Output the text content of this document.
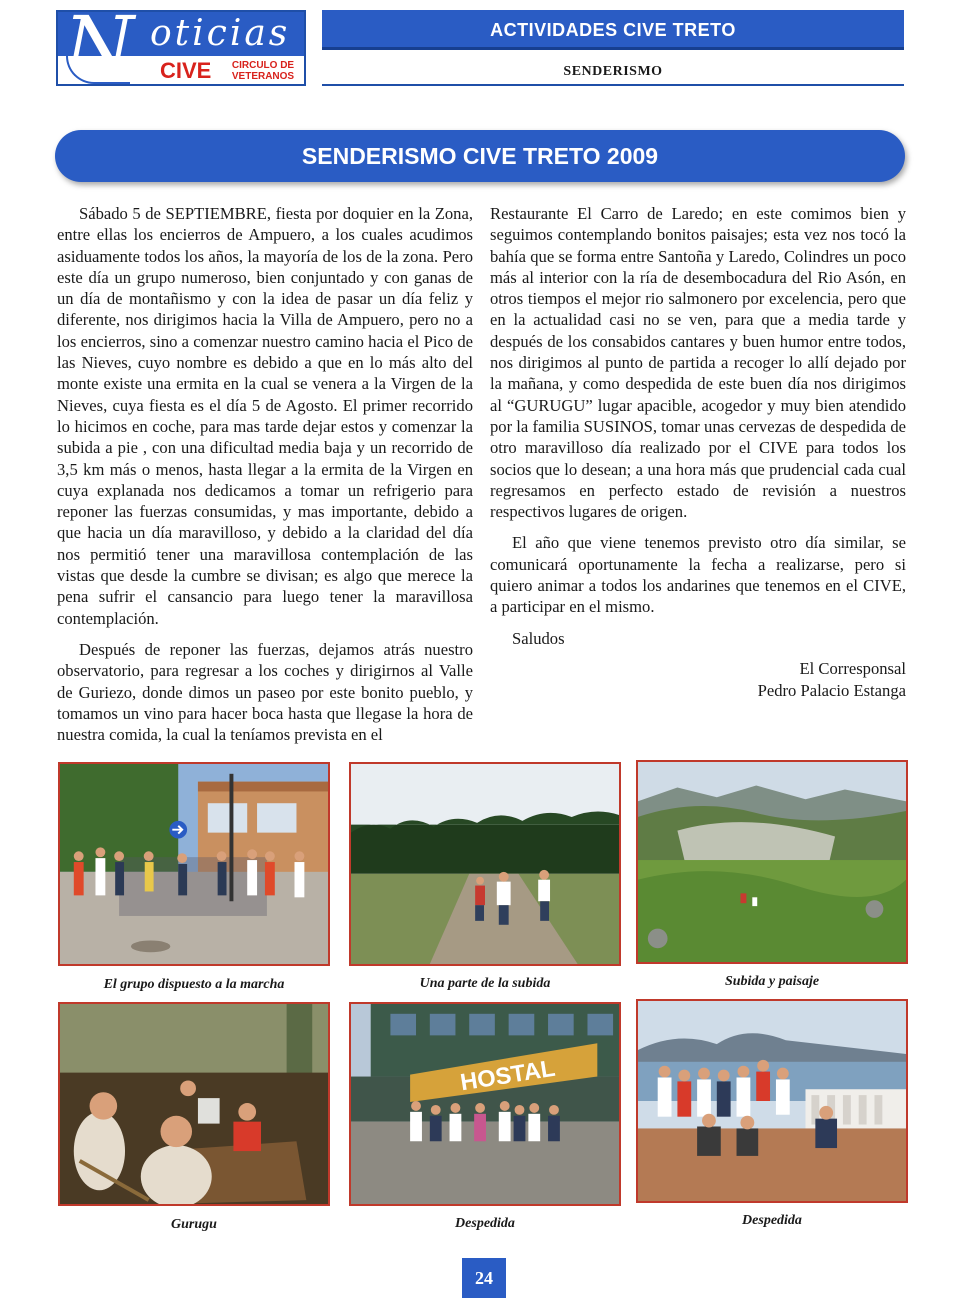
N oticias
CIVE	CIRCULO DE
VETERANOS
ACTIVIDADES CIVE TRETO
SENDERISMO
SENDERISMO CIVE TRETO 2009

Sábado 5 de SEPTIEMBRE, fiesta por doquier en la Zona, entre ellas los encierros de Ampuero, a los cuales acudimos asiduamente todos los años, la mayoría de los de la zona. Pero este día un grupo numeroso, bien conjuntado y con ganas de un día de montañismo y con la idea de pasar un día feliz y diferente, nos dirigimos hacia la Villa de Ampuero, pero no a los encierros, sino a comenzar nuestro camino hacia el Pico de las Nieves, cuyo nombre es debido a que en lo más alto del monte existe una ermita en la cual se venera a la Virgen de la Nieves, cuya fiesta es el día 5 de Agosto. El primer recorrido lo hicimos en coche, para mas tarde dejar estos y comenzar la subida a pie , con una dificultad media baja y un recorrido de 3,5 km más o menos, hasta llegar a la ermita de la Virgen en cuya explanada nos dedicamos a tomar un refrigerio para reponer las fuerzas consumidas, y mas importante, debido a que hacia un día maravilloso, y debido a la claridad del día nos permitió tener una maravillosa contemplación de las vistas que desde la cumbre se divisan; es algo que merece la pena sufrir el cansancio para luego tener la maravillosa contemplación.

Después de reponer las fuerzas, dejamos atrás nuestro observatorio, para regresar a los coches y dirigirnos al Valle de Guriezo, donde dimos un paseo por este bonito pueblo, y tomamos un vino para hacer boca hasta que llegase la hora de nuestra comida, la cual la teníamos prevista en el

Restaurante El Carro de Laredo; en este comimos bien y seguimos contemplando bonitos paisajes; esta vez nos tocó la bahía que se forma entre Santoña y Laredo, Colindres un poco más al interior con la ría de desembocadura del Rio Asón, en otros tiempos el mejor rio salmonero por excelencia, pero que en la actualidad casi no se ven, para que a media tarde y después de los consabidos cantares y buen humor entre todos, nos dirigimos al punto de partida a recoger lo allí dejado por la mañana, y como despedida de este buen día nos dirigimos al “GURUGU” lugar apacible, acogedor y muy bien atendido por la familia SUSINOS, tomar unas cervezas de despedida de otro maravilloso día realizado por el CIVE para todos los socios que lo desean; a una hora más que prudencial cada cual regresamos en perfecto estado de revisión a nuestros respectivos lugares de origen.

El año que viene tenemos previsto otro día similar, se comunicará oportunamente la fecha a realizarse, pero si quiero animar a todos los andarines que tenemos en el CIVE, a participar en el mismo.

Saludos
El Corresponsal
Pedro Palacio Estanga
El grupo dispuesto a la marcha	Una parte de la subida	Subida y paisaje
Gurugu
HOSTAL
Despedida	Despedida
24
